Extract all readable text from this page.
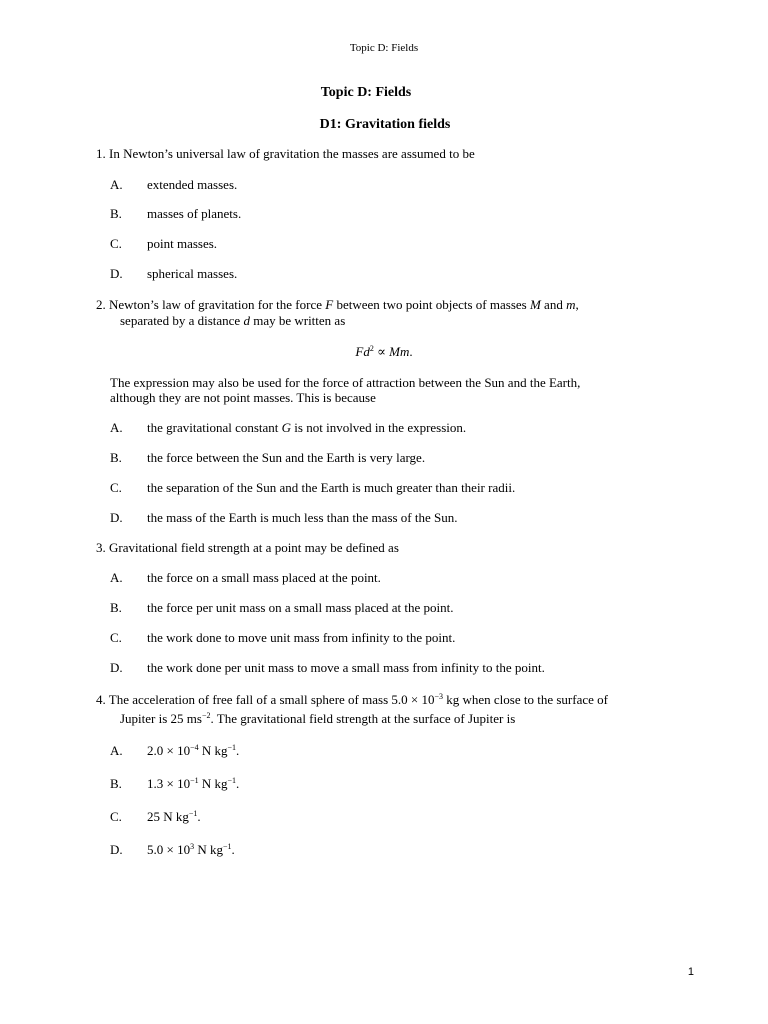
Topic D: Fields
Topic D: Fields
D1: Gravitation fields
1. In Newton’s universal law of gravitation the masses are assumed to be
A. extended masses.
B. masses of planets.
C. point masses.
D. spherical masses.
2. Newton’s law of gravitation for the force F between two point objects of masses M and m,
separated by a distance d may be written as
$Fd^2 \propto Mm$.
The expression may also be used for the force of attraction between the Sun and the Earth,
although they are not point masses. This is because
A. the gravitational constant G is not involved in the expression.
B. the force between the Sun and the Earth is very large.
C. the separation of the Sun and the Earth is much greater than their radii.
D. the mass of the Earth is much less than the mass of the Sun.
3. Gravitational field strength at a point may be defined as
A. the force on a small mass placed at the point.
B. the force per unit mass on a small mass placed at the point.
C. the work done to move unit mass from infinity to the point.
D. the work done per unit mass to move a small mass from infinity to the point.
4. The acceleration of free fall of a small sphere of mass $5.0 \times 10^{-3}$ kg when close to the surface of
Jupiter is 25 $ms^{-2}$. The gravitational field strength at the surface of Jupiter is
A. $2.0 \times 10^{-4}$ N $kg^{-1}$.
B. $1.3 \times 10^{-1}$ N $kg^{-1}$.
C. 25 N $kg^{-1}$.
D. $5.0 \times 10^3$ N $kg^{-1}$.
1
